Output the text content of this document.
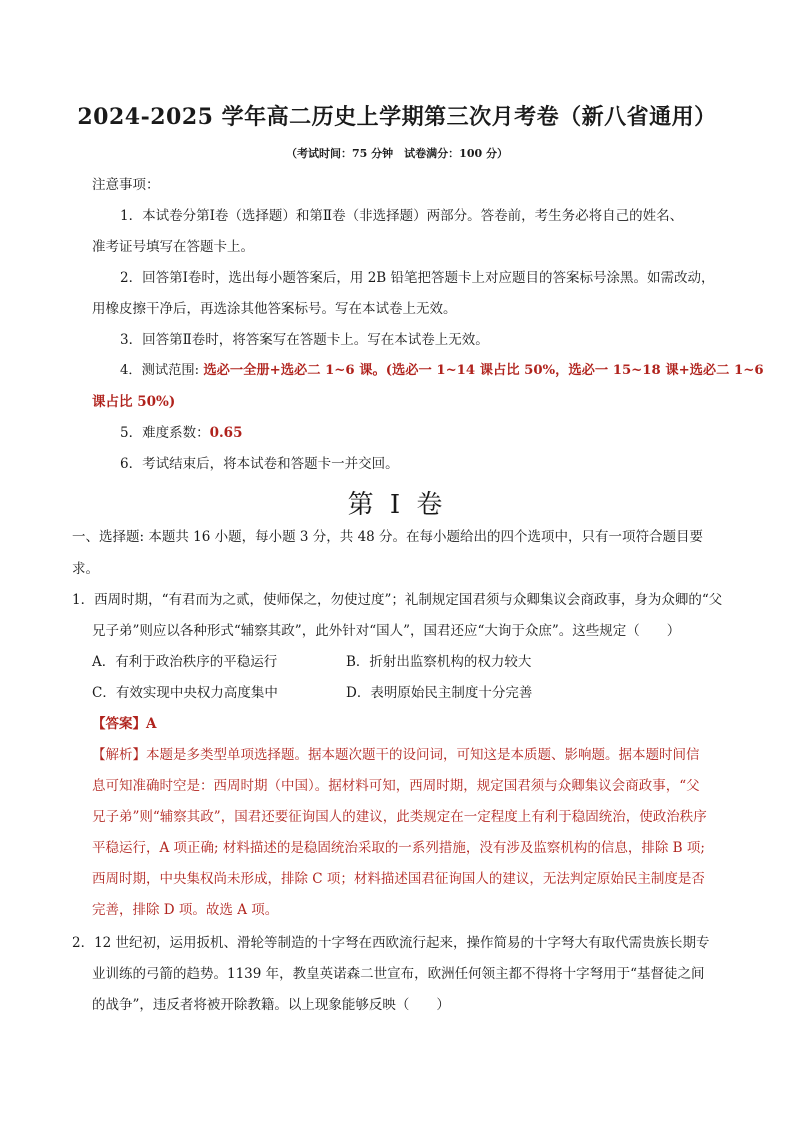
2024-2025 学年高二历史上学期第三次月考卷（新八省通用）
（考试时间：75 分钟　试卷满分：100 分）
注意事项：
1．本试卷分第Ⅰ卷（选择题）和第Ⅱ卷（非选择题）两部分。答卷前，考生务必将自己的姓名、
准考证号填写在答题卡上。
2．回答第Ⅰ卷时，选出每小题答案后，用 2B 铅笔把答题卡上对应题目的答案标号涂黑。如需改动，
用橡皮擦干净后，再选涂其他答案标号。写在本试卷上无效。
3．回答第Ⅱ卷时，将答案写在答题卡上。写在本试卷上无效。
4．测试范围: 选必一全册+选必二 1~6 课。(选必一 1~14 课占比 50%，选必一 15~18 课+选必二 1~6
课占比 50%)
5．难度系数：0.65
6．考试结束后，将本试卷和答题卡一并交回。
第 I 卷
一、选择题: 本题共 16 小题，每小题 3 分，共 48 分。在每小题给出的四个选项中，只有一项符合题目要
求。
1．西周时期，“有君而为之贰，使师保之，勿使过度”；礼制规定国君须与众卿集议会商政事，身为众卿的“父
兄子弟”则应以各种形式“辅察其政”，此外针对“国人”，国君还应“大询于众庶”。这些规定（　　）
A．有利于政治秩序的平稳运行	B．折射出监察机构的权力较大
C．有效实现中央权力高度集中	D．表明原始民主制度十分完善
【答案】A
【解析】本题是多类型单项选择题。据本题次题干的设问词，可知这是本质题、影响题。据本题时间信
息可知准确时空是：西周时期（中国）。据材料可知，西周时期，规定国君须与众卿集议会商政事，“父
兄子弟”则“辅察其政”，国君还要征询国人的建议，此类规定在一定程度上有利于稳固统治，使政治秩序
平稳运行，A 项正确; 材料描述的是稳固统治采取的一系列措施，没有涉及监察机构的信息，排除 B 项;
西周时期，中央集权尚未形成，排除 C 项；材料描述国君征询国人的建议，无法判定原始民主制度是否
完善，排除 D 项。故选 A 项。
2．12 世纪初，运用扳机、滑轮等制造的十字弩在西欧流行起来，操作简易的十字弩大有取代需贵族长期专
业训练的弓箭的趋势。1139 年，教皇英诺森二世宣布，欧洲任何领主都不得将十字弩用于“基督徒之间
的战争”，违反者将被开除教籍。以上现象能够反映（　　）
